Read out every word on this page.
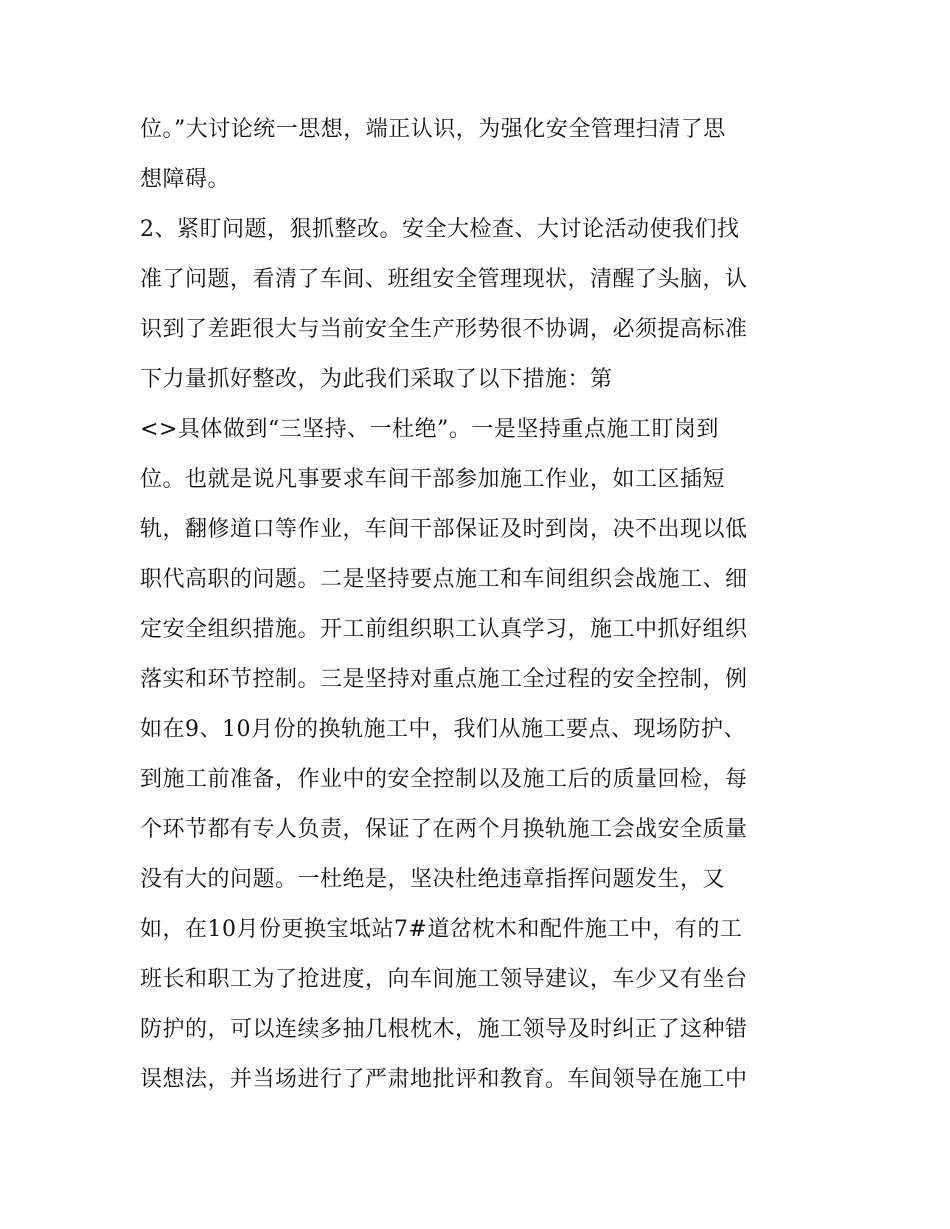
位。”大讨论统一思想，端正认识，为强化安全管理扫清了思
想障碍。
2、紧盯问题，狠抓整改。安全大检查、大讨论活动使我们找
准了问题，看清了车间、班组安全管理现状，清醒了头脑，认
识到了差距很大与当前安全生产形势很不协调，必须提高标准
下力量抓好整改，为此我们采取了以下措施：第
<>具体做到“三坚持、一杜绝”。一是坚持重点施工盯岗到
位。也就是说凡事要求车间干部参加施工作业，如工区插短
轨，翻修道口等作业，车间干部保证及时到岗，决不出现以低
职代高职的问题。二是坚持要点施工和车间组织会战施工、细
定安全组织措施。开工前组织职工认真学习，施工中抓好组织
落实和环节控制。三是坚持对重点施工全过程的安全控制，例
如在9、10月份的换轨施工中，我们从施工要点、现场防护、
到施工前准备，作业中的安全控制以及施工后的质量回检，每
个环节都有专人负责，保证了在两个月换轨施工会战安全质量
没有大的问题。一杜绝是，坚决杜绝违章指挥问题发生，又
如，在10月份更换宝坻站7#道岔枕木和配件施工中，有的工
班长和职工为了抢进度，向车间施工领导建议，车少又有坐台
防护的，可以连续多抽几根枕木，施工领导及时纠正了这种错
误想法，并当场进行了严肃地批评和教育。车间领导在施工中
